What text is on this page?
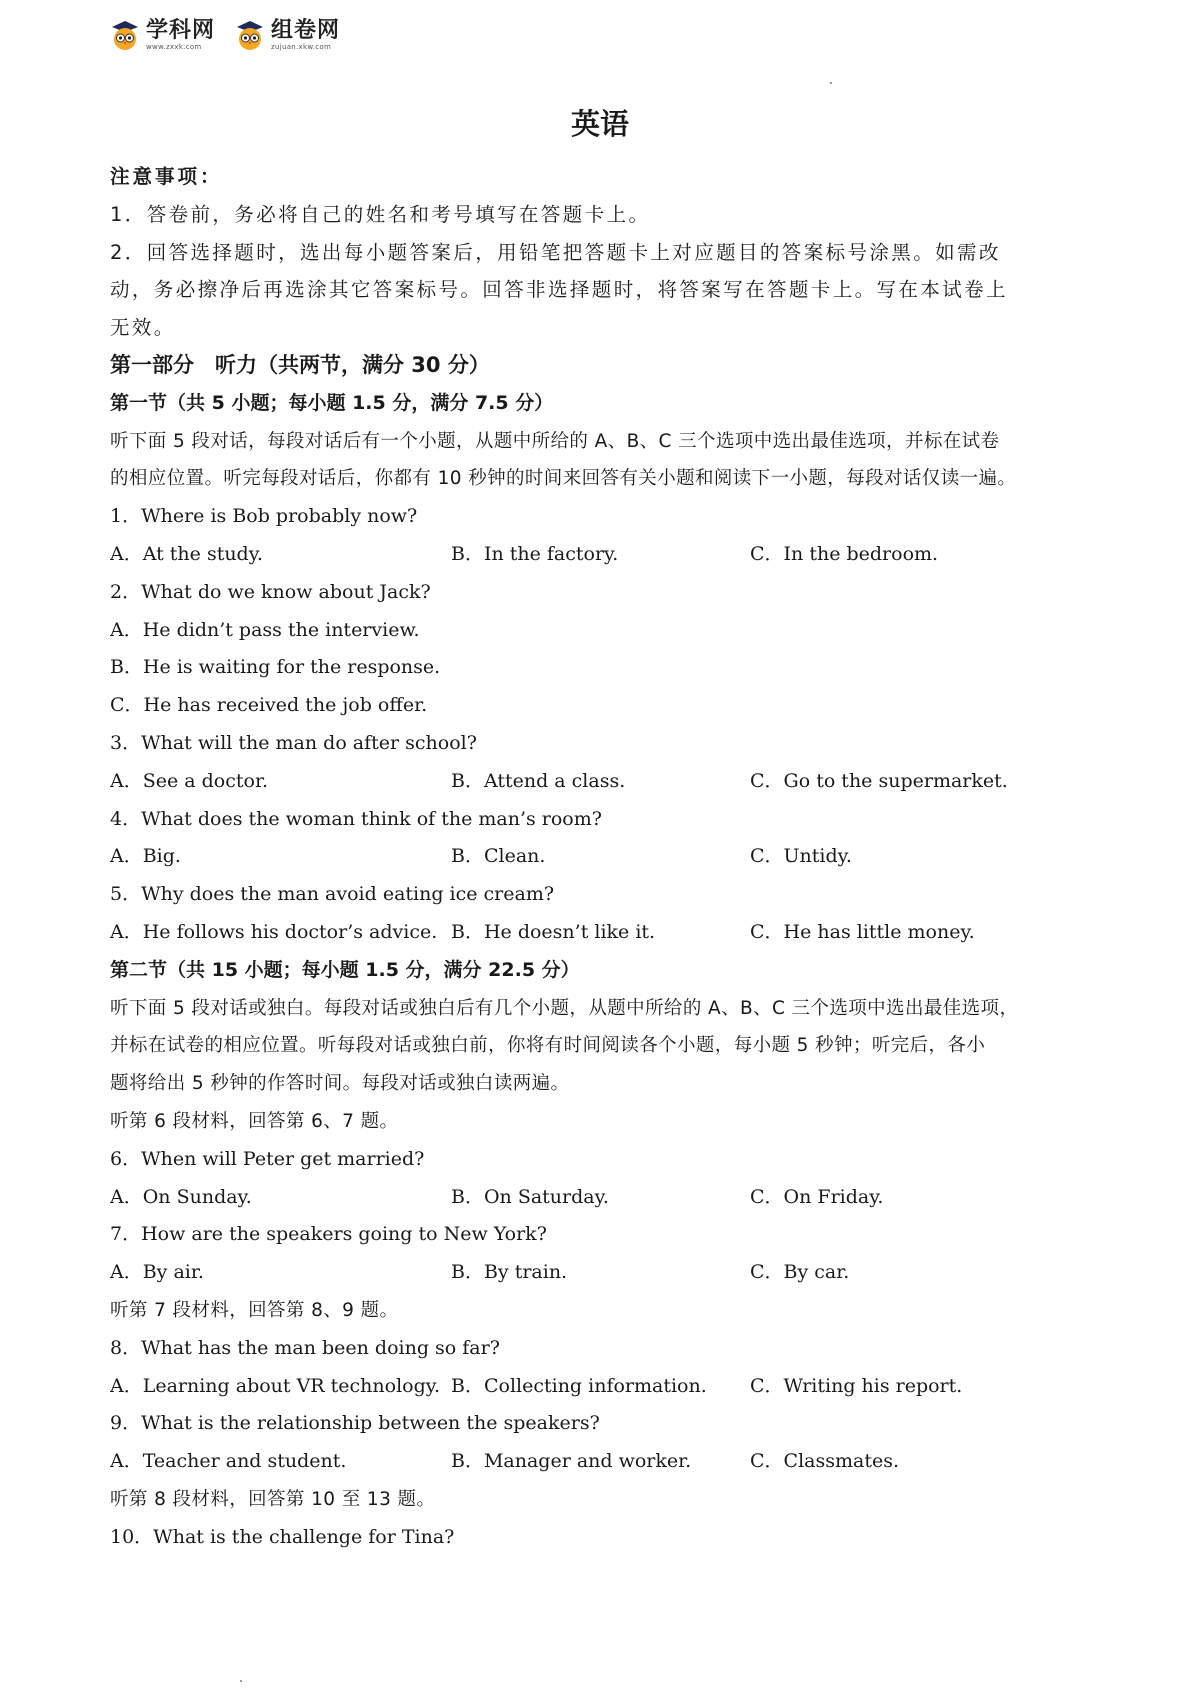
学科网
www.zxxk.com
组卷网
zujuan.xkw.com
英语
注意事项：
1．答卷前，务必将自己的姓名和考号填写在答题卡上。
2．回答选择题时，选出每小题答案后，用铅笔把答题卡上对应题目的答案标号涂黑。如需改
动，务必擦净后再选涂其它答案标号。回答非选择题时，将答案写在答题卡上。写在本试卷上
无效。
第一部分　听力（共两节，满分 30 分）
第一节（共 5 小题；每小题 1.5 分，满分 7.5 分）
听下面 5 段对话，每段对话后有一个小题，从题中所给的 A、B、C 三个选项中选出最佳选项，并标在试卷
的相应位置。听完每段对话后，你都有 10 秒钟的时间来回答有关小题和阅读下一小题，每段对话仅读一遍。
1．Where is Bob probably now?
A．At the study.	B．In the factory.	C．In the bedroom.
2．What do we know about Jack?
A．He didn’t pass the interview.
B．He is waiting for the response.
C．He has received the job offer.
3．What will the man do after school?
A．See a doctor.	B．Attend a class.	C．Go to the supermarket.
4．What does the woman think of the man’s room?
A．Big.	B．Clean.	C．Untidy.
5．Why does the man avoid eating ice cream?
A．He follows his doctor’s advice. B．He doesn’t like it.	C．He has little money.
第二节（共 15 小题；每小题 1.5 分，满分 22.5 分）
听下面 5 段对话或独白。每段对话或独白后有几个小题，从题中所给的 A、B、C 三个选项中选出最佳选项，
并标在试卷的相应位置。听每段对话或独白前，你将有时间阅读各个小题，每小题 5 秒钟；听完后，各小
题将给出 5 秒钟的作答时间。每段对话或独白读两遍。
听第 6 段材料，回答第 6、7 题。
6．When will Peter get married?
A．On Sunday.	B．On Saturday.	C．On Friday.
7．How are the speakers going to New York?
A．By air.	B．By train.	C．By car.
听第 7 段材料，回答第 8、9 题。
8．What has the man been doing so far?
A．Learning about VR technology. B．Collecting information.	C．Writing his report.
9．What is the relationship between the speakers?
A．Teacher and student.	B．Manager and worker.	C．Classmates.
听第 8 段材料，回答第 10 至 13 题。
10．What is the challenge for Tina?
